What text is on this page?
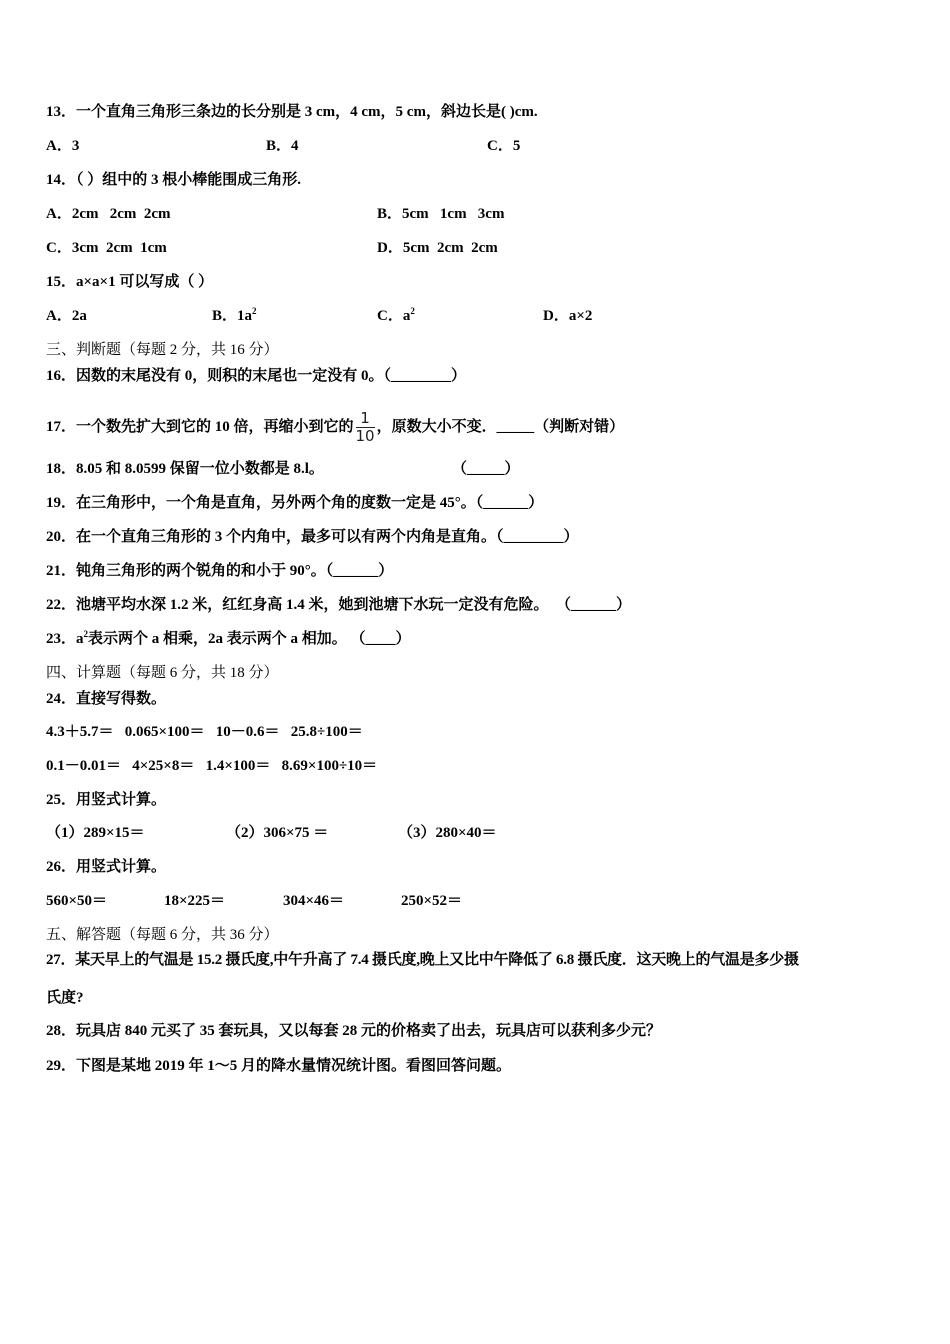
13．一个直角三角形三条边的长分别是 3 cm，4 cm，5 cm，斜边长是( )cm.
A．3	B．4	C．5
14．（ ）组中的 3 根小棒能围成三角形.
A．2cm   2cm  2cm	B．5cm   1cm   3cm
C．3cm  2cm  1cm	D．5cm  2cm  2cm
15．a×a×1 可以写成（ ）
A．2a	B．$1a^2$	C．$a^2$	D．a×2
三、判断题（每题 2 分，共 16 分）
16．因数的末尾没有 0，则积的末尾也一定没有 0。（________）
17．一个数先扩大到它的 10 倍，再缩小到它的 $\frac{1}{10}$ ，原数大小不变．_____（判断对错）
18．8.05 和 8.0599 保留一位小数都是 8.l。	（_____）
19．在三角形中，一个角是直角，另外两个角的度数一定是 45°。（______）
20．在一个直角三角形的 3 个内角中，最多可以有两个内角是直角。（________）
21．钝角三角形的两个锐角的和小于 90°。（______）
22．池塘平均水深 1.2 米，红红身高 1.4 米，她到池塘下水玩一定没有危险。  （______）
23．$a^2$表示两个 a 相乘，2a 表示两个 a 相加。 （____）
四、计算题（每题 6 分，共 18 分）
24．直接写得数。
4.3＋5.7＝   0.065×100＝   10－0.6＝   25.8÷100＝
0.1－0.01＝   4×25×8＝   1.4×100＝   8.69×100÷10＝
25．用竖式计算。
（1）289×15＝	（2）306×75 ＝	（3）280×40＝
26．用竖式计算。
560×50＝	18×225＝	304×46＝	250×52＝
五、解答题（每题 6 分，共 36 分）
27．某天早上的气温是 15.2 摄氏度,中午升高了 7.4 摄氏度,晚上又比中午降低了 6.8 摄氏度．这天晚上的气温是多少摄
氏度?
28．玩具店 840 元买了 35 套玩具，又以每套 28 元的价格卖了出去，玩具店可以获利多少元？
29．下图是某地 2019 年 1～5 月的降水量情况统计图。看图回答问题。
